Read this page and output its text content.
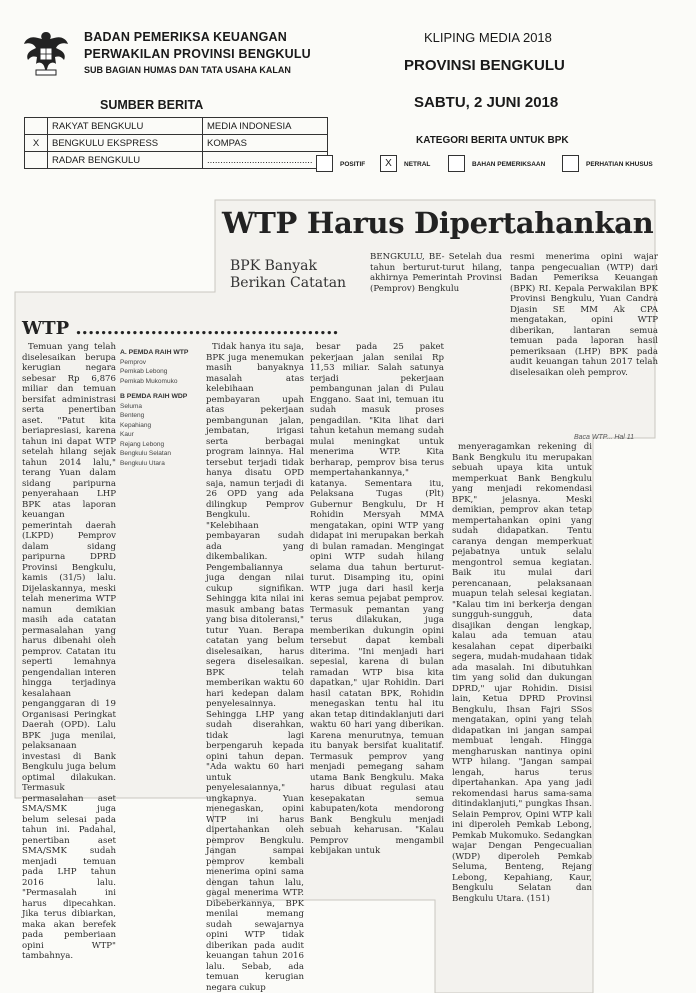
BADAN PEMERIKSA KEUANGAN
PERWAKILAN PROVINSI BENGKULU
SUB BAGIAN HUMAS DAN TATA USAHA KALAN
KLIPING MEDIA 2018
PROVINSI BENGKULU
SABTU, 2 JUNI 2018
SUMBER BERITA
	RAKYAT BENGKULU	MEDIA INDONESIA
X	BENGKULU EKSPRESS	KOMPAS
	RADAR BENGKULU	........................................
KATEGORI BERITA UNTUK BPK
POSITIF	X	NETRAL	BAHAN PEMERIKSAAN	PERHATIAN KHUSUS
WTP Harus Dipertahankan
BPK Banyak
Berikan Catatan

BENGKULU, BE- Setelah dua tahun berturut-turut hilang, akhirnya Pemerintah Provinsi (Pemprov) Bengkulu

resmi menerima opini wajar tanpa pengecualian (WTP) dari Badan Pemeriksa Keuangan (BPK) RI. Kepala Perwakilan BPK Provinsi Bengkulu, Yuan Candra Djasin SE MM Ak CPA mengatakan, opini WTP diberikan, lantaran semua temuan pada laporan hasil pemeriksaan (LHP) BPK pada audit keuangan tahun 2017 telah diselesaikan oleh pemprov.

Baca WTP... Hal 11
WTP ..........................................
A. PEMDA RAIH WTP
Pemprov
Pemkab Lebong
Pemkab Mukomuko
B PEMDA RAIH WDP
Seluma
Benteng
Kepahiang
Kaur
Rejang Lebong
Bengkulu Selatan
Bengkulu Utara

Temuan yang telah diselesaikan berupa kerugian negara sebesar Rp 6,876 miliar dan temuan bersifat administrasi serta penertiban aset. "Patut kita beriapresiasi, karena tahun ini dapat WTP setelah hilang sejak tahun 2014 lalu," terang Yuan dalam sidang paripurna penyerahaan LHP BPK atas laporan keuangan pemerintah daerah (LKPD) Pemprov dalam sidang paripurna DPRD Provinsi Bengkulu, kamis (31/5) lalu. Dijelaskannya, meski telah menerima WTP namun demikian masih ada catatan permasalahan yang harus dibenahi oleh pemprov. Catatan itu seperti lemahnya pengendalian interen hingga terjadinya kesalahaan penganggaran di 19 Organisasi Peringkat Daerah (OPD). Lalu BPK juga menilai, pelaksanaan investasi di Bank Bengkulu juga belum optimal dilakukan. Termasuk permasalahan aset SMA/SMK juga belum selesai pada tahun ini. Padahal, penertiban aset SMA/SMK sudah menjadi temuan pada LHP tahun 2016 lalu. "Permasalah ini harus dipecahkan. Jika terus dibiarkan, maka akan berefek pada pemberiaan opini WTP" tambahnya.

Tidak hanya itu saja, BPK juga menemukan masih banyaknya masalah atas kelebihaan pembayaran upah atas pekerjaan pembangunan jalan, jembatan, irigasi serta berbagai program lainnya. Hal tersebut terjadi tidak hanya disatu OPD saja, namun terjadi di 26 OPD yang ada dilingkup Pemprov Bengkulu. "Kelebihaan pembayaran sudah ada yang dikembalikan. Pengembaliannya juga dengan nilai cukup signifikan. Sehingga kita nilai ini masuk ambang batas yang bisa ditoleransi," tutur Yuan. Berapa catatan yang belum diselesaikan, harus segera diselesaikan. BPK telah memberikan waktu 60 hari kedepan dalam penyelesainnya. Sehingga LHP yang sudah diserahkan, tidak lagi berpengaruh kepada opini tahun depan. "Ada waktu 60 hari untuk penyelesaiannya," ungkapnya. Yuan menegaskan, opini WTP ini harus dipertahankan oleh pemprov Bengkulu. Jangan sampai pemprov kembali menerima opini sama dengan tahun lalu, gagal menerima WTP. Dibeberkannya, BPK menilai memang sudah sewajarnya opini WTP tidak diberikan pada audit keuangan tahun 2016 lalu. Sebab, ada temuan kerugian negara cukup

besar pada 25 paket pekerjaan jalan senilai Rp 11,53 miliar. Salah satunya terjadi pekerjaan pembangunan jalan di Pulau Enggano. Saat ini, temuan itu sudah masuk proses pengadilan. "Kita lihat dari tahun ketahun memang sudah mulai meningkat untuk menerima WTP. Kita berharap, pemprov bisa terus mempertahankannya," katanya. Sementara itu, Pelaksana Tugas (Plt) Gubernur Bengkulu, Dr H Rohidin Mersyah MMA mengatakan, opini WTP yang didapat ini merupakan berkah di bulan ramadan. Mengingat opini WTP sudah hilang selama dua tahun berturut-turut. Disamping itu, opini WTP juga dari hasil kerja keras semua pejabat pemprov. Termasuk pemantan yang terus dilakukan, juga memberikan dukungin opini tersebut dapat kembali diterima. "Ini menjadi hari sepesial, karena di bulan ramadan WTP bisa kita dapatkan," ujar Rohidin. Dari hasil catatan BPK, Rohidin menegaskan tentu hal itu akan tetap ditindaklanjuti dari waktu 60 hari yang diberikan. Karena menurutnya, temuan itu banyak bersifat kualitatif. Termasuk pemprov yang menjadi pemegang saham utama Bank Bengkulu. Maka harus dibuat regulasi atau kesepakatan semua kabupaten/kota mendorong Bank Bengkulu menjadi sebuah keharusan. "Kalau Pemprov mengambil kebijakan untuk

menyeragamkan rekening di Bank Bengkulu itu merupakan sebuah upaya kita untuk memperkuat Bank Bengkulu yang menjadi rekomendasi BPK," jelasnya. Meski demikian, pemprov akan tetap mempertahankan opini yang sudah didapatkan. Tentu caranya dengan memperkuat pejabatnya untuk selalu mengontrol semua kegiatan. Baik itu mulai dari perencanaan, pelaksanaan muapun telah selesai kegiatan. "Kalau tim ini berkerja dengan sungguh-sungguh, data disajikan dengan lengkap, kalau ada temuan atau kesalahan cepat diperbaiki segera, mudah-mudahaan tidak ada masalah. Ini dibutuhkan tim yang solid dan dukungan DPRD," ujar Rohidin. Disisi lain, Ketua DPRD Provinsi Bengkulu, Ihsan Fajri SSos mengatakan, opini yang telah didapatkan ini jangan sampai membuat lengah. Hingga mengharuskan nantinya opini WTP hilang. "Jangan sampai lengah, harus terus dipertahankan. Apa yang jadi rekomendasi harus sama-sama ditindaklanjuti," pungkas Ihsan. Selain Pemprov, Opini WTP kali ini diperoleh Pemkab Lebong, Pemkab Mukomuko. Sedangkan wajar Dengan Pengecualian (WDP) diperoleh Pemkab Seluma, Benteng, Rejang Lebong, Kepahiang, Kaur, Bengkulu Selatan dan Bengkulu Utara. (151)
